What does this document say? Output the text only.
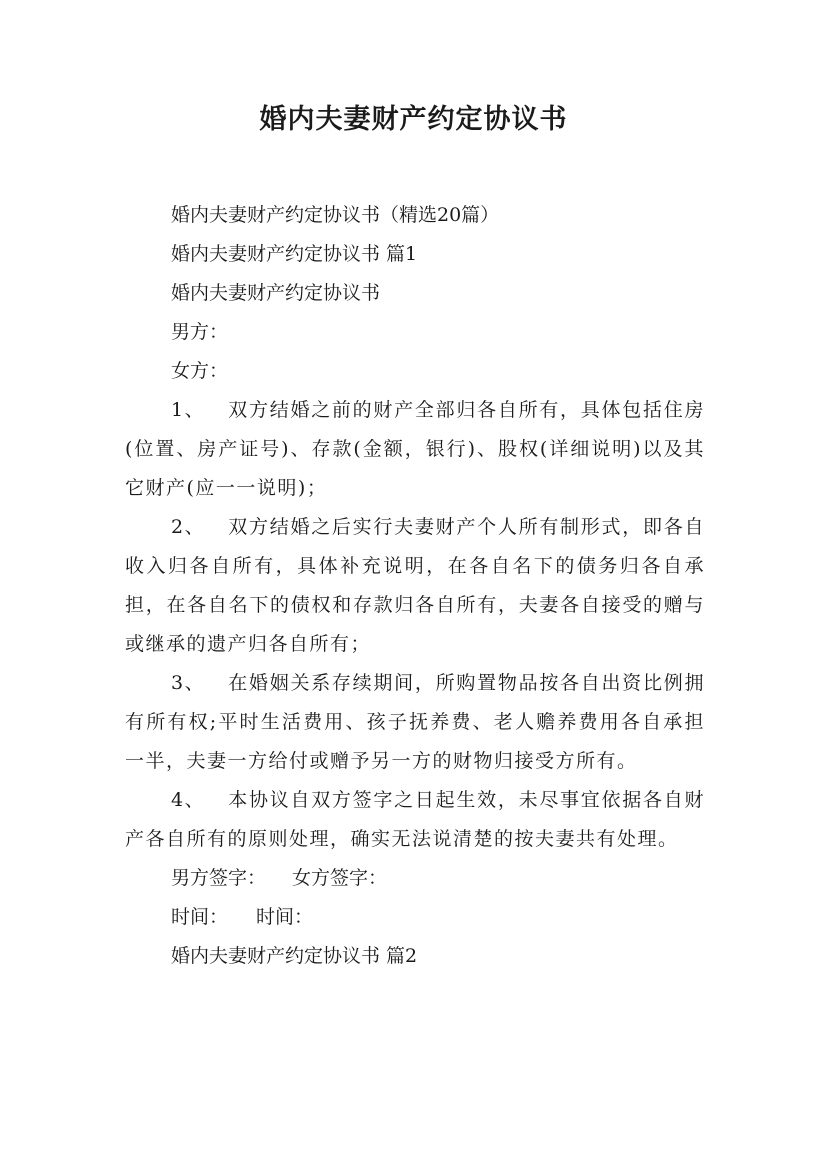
婚内夫妻财产约定协议书

婚内夫妻财产约定协议书（精选20篇）

婚内夫妻财产约定协议书 篇1

婚内夫妻财产约定协议书

男方：

女方：

1、 双方结婚之前的财产全部归各自所有，具体包括住房(位置、房产证号)、存款(金额，银行)、股权(详细说明)以及其它财产(应一一说明)；

2、 双方结婚之后实行夫妻财产个人所有制形式，即各自收入归各自所有，具体补充说明，在各自名下的债务归各自承担，在各自名下的债权和存款归各自所有，夫妻各自接受的赠与或继承的遗产归各自所有；

3、 在婚姻关系存续期间，所购置物品按各自出资比例拥有所有权;平时生活费用、孩子抚养费、老人赡养费用各自承担一半，夫妻一方给付或赠予另一方的财物归接受方所有。

4、 本协议自双方签字之日起生效，未尽事宜依据各自财产各自所有的原则处理，确实无法说清楚的按夫妻共有处理。

男方签字： 女方签字：

时间： 时间：

婚内夫妻财产约定协议书 篇2
